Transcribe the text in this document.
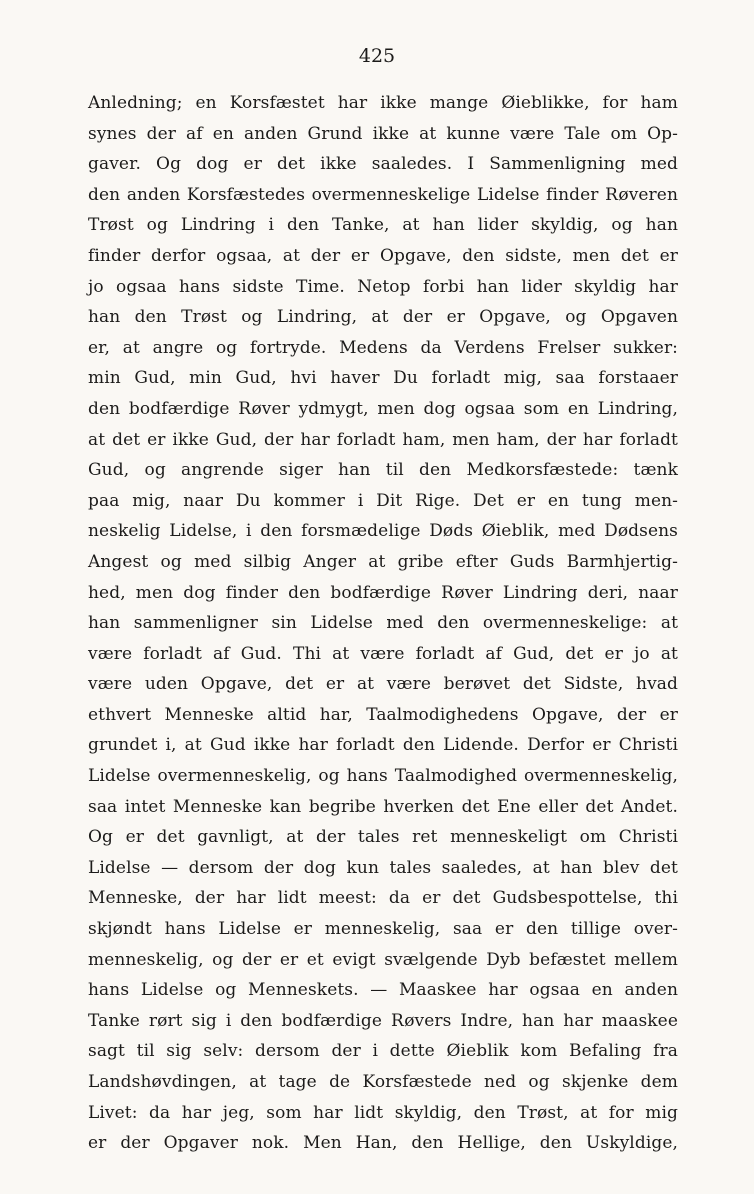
425
Anledning; en Korsfæstet har ikke mange Øieblikke, for ham
synes der af en anden Grund ikke at kunne være Tale om Op-
gaver. Og dog er det ikke saaledes. I Sammenligning med
den anden Korsfæstedes overmenneskelige Lidelse finder Røveren
Trøst og Lindring i den Tanke, at han lider skyldig, og han
finder derfor ogsaa, at der er Opgave, den sidste, men det er
jo ogsaa hans sidste Time. Netop forbi han lider skyldig har
han den Trøst og Lindring, at der er Opgave, og Opgaven
er, at angre og fortryde. Medens da Verdens Frelser sukker:
min Gud, min Gud, hvi haver Du forladt mig, saa forstaaer
den bodfærdige Røver ydmygt, men dog ogsaa som en Lindring,
at det er ikke Gud, der har forladt ham, men ham, der har forladt
Gud, og angrende siger han til den Medkorsfæstede: tænk
paa mig, naar Du kommer i Dit Rige. Det er en tung men-
neskelig Lidelse, i den forsmædelige Døds Øieblik, med Dødsens
Angest og med silbig Anger at gribe efter Guds Barmhjertig-
hed, men dog finder den bodfærdige Røver Lindring deri, naar
han sammenligner sin Lidelse med den overmenneskelige: at
være forladt af Gud. Thi at være forladt af Gud, det er jo at
være uden Opgave, det er at være berøvet det Sidste, hvad
ethvert Menneske altid har, Taalmodighedens Opgave, der er
grundet i, at Gud ikke har forladt den Lidende. Derfor er Christi
Lidelse overmenneskelig, og hans Taalmodighed overmenneskelig,
saa intet Menneske kan begribe hverken det Ene eller det Andet.
Og er det gavnligt, at der tales ret menneskeligt om Christi
Lidelse — dersom der dog kun tales saaledes, at han blev det
Menneske, der har lidt meest: da er det Gudsbespottelse, thi
skjøndt hans Lidelse er menneskelig, saa er den tillige over-
menneskelig, og der er et evigt svælgende Dyb befæstet mellem
hans Lidelse og Menneskets. — Maaskee har ogsaa en anden
Tanke rørt sig i den bodfærdige Røvers Indre, han har maaskee
sagt til sig selv: dersom der i dette Øieblik kom Befaling fra
Landshøvdingen, at tage de Korsfæstede ned og skjenke dem
Livet: da har jeg, som har lidt skyldig, den Trøst, at for mig
er der Opgaver nok. Men Han, den Hellige, den Uskyldige,
